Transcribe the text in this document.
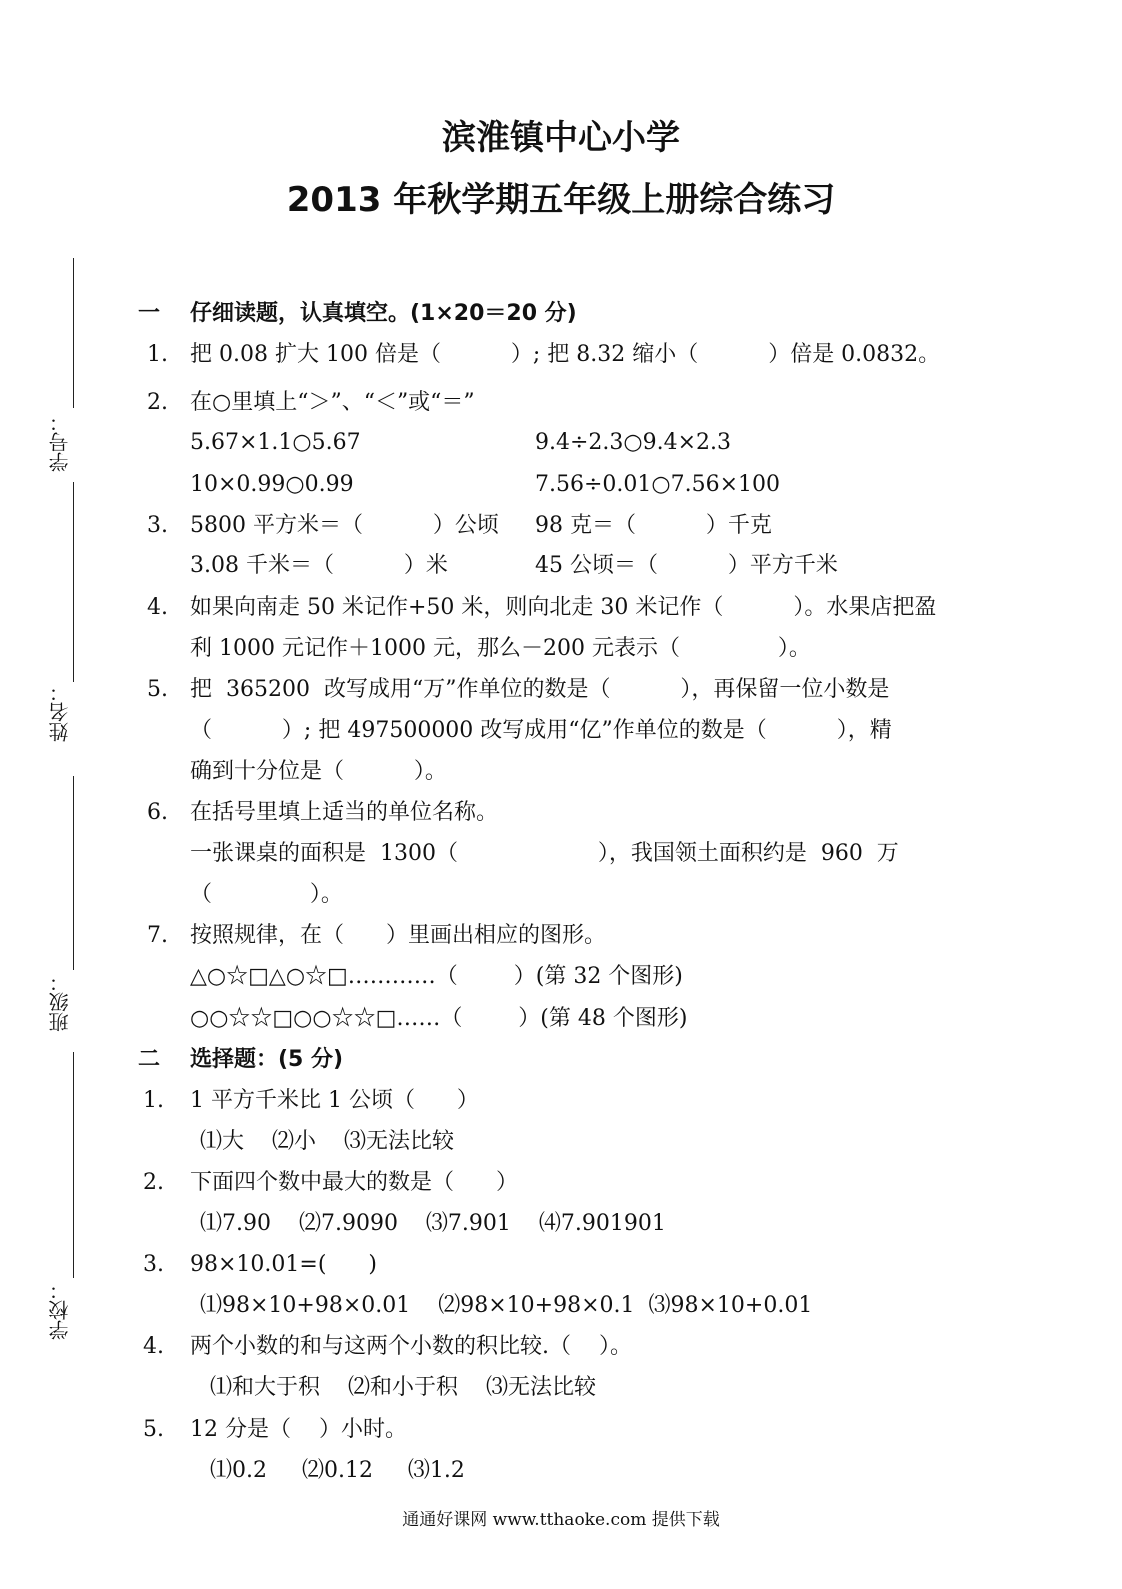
滨淮镇中心小学
2013 年秋学期五年级上册综合练习
学号：
姓名：
班级：
学校：
一 仔细读题，认真填空。(1×20＝20 分)
1. 把 0.08 扩大 100 倍是（          ）; 把 8.32 缩小（          ）倍是 0.0832。
2. 在○里填上“＞”、“＜”或“＝”
5.67×1.1○5.67	9.4÷2.3○9.4×2.3
10×0.99○0.99	7.56÷0.01○7.56×100
3. 5800 平方米＝（          ）公顷 98 克＝（          ）千克
3.08 千米＝（          ）米	45 公顷＝（          ）平方千米
4. 如果向南走 50 米记作+50 米，则向北走 30 米记作（          ）。水果店把盈
利 1000 元记作＋1000 元，那么－200 元表示（              ）。
5. 把  365200  改写成用“万”作单位的数是（          ），再保留一位小数是
（          ）; 把 497500000 改写成用“亿”作单位的数是（          ），精
确到十分位是（          ）。
6. 在括号里填上适当的单位名称。
一张课桌的面积是  1300（                    ），我国领土面积约是  960  万
（              ）。
7. 按照规律，在（      ）里画出相应的图形。
△○☆□△○☆□…………（        ）(第 32 个图形)
○○☆☆□○○☆☆□……（        ）(第 48 个图形)
二 选择题：(5 分)
1. 1 平方千米比 1 公顷（      ）
⑴大    ⑵小    ⑶无法比较
2. 下面四个数中最大的数是（      ）
⑴7.90    ⑵7.9090    ⑶7.901    ⑷7.901901
3. 98×10.01=(      )
⑴98×10+98×0.01    ⑵98×10+98×0.1  ⑶98×10+0.01
4. 两个小数的和与这两个小数的积比较.（    ）。
⑴和大于积    ⑵和小于积    ⑶无法比较
5. 12 分是（    ）小时。
⑴0.2     ⑵0.12     ⑶1.2
通通好课网 www.tthaoke.com 提供下载
